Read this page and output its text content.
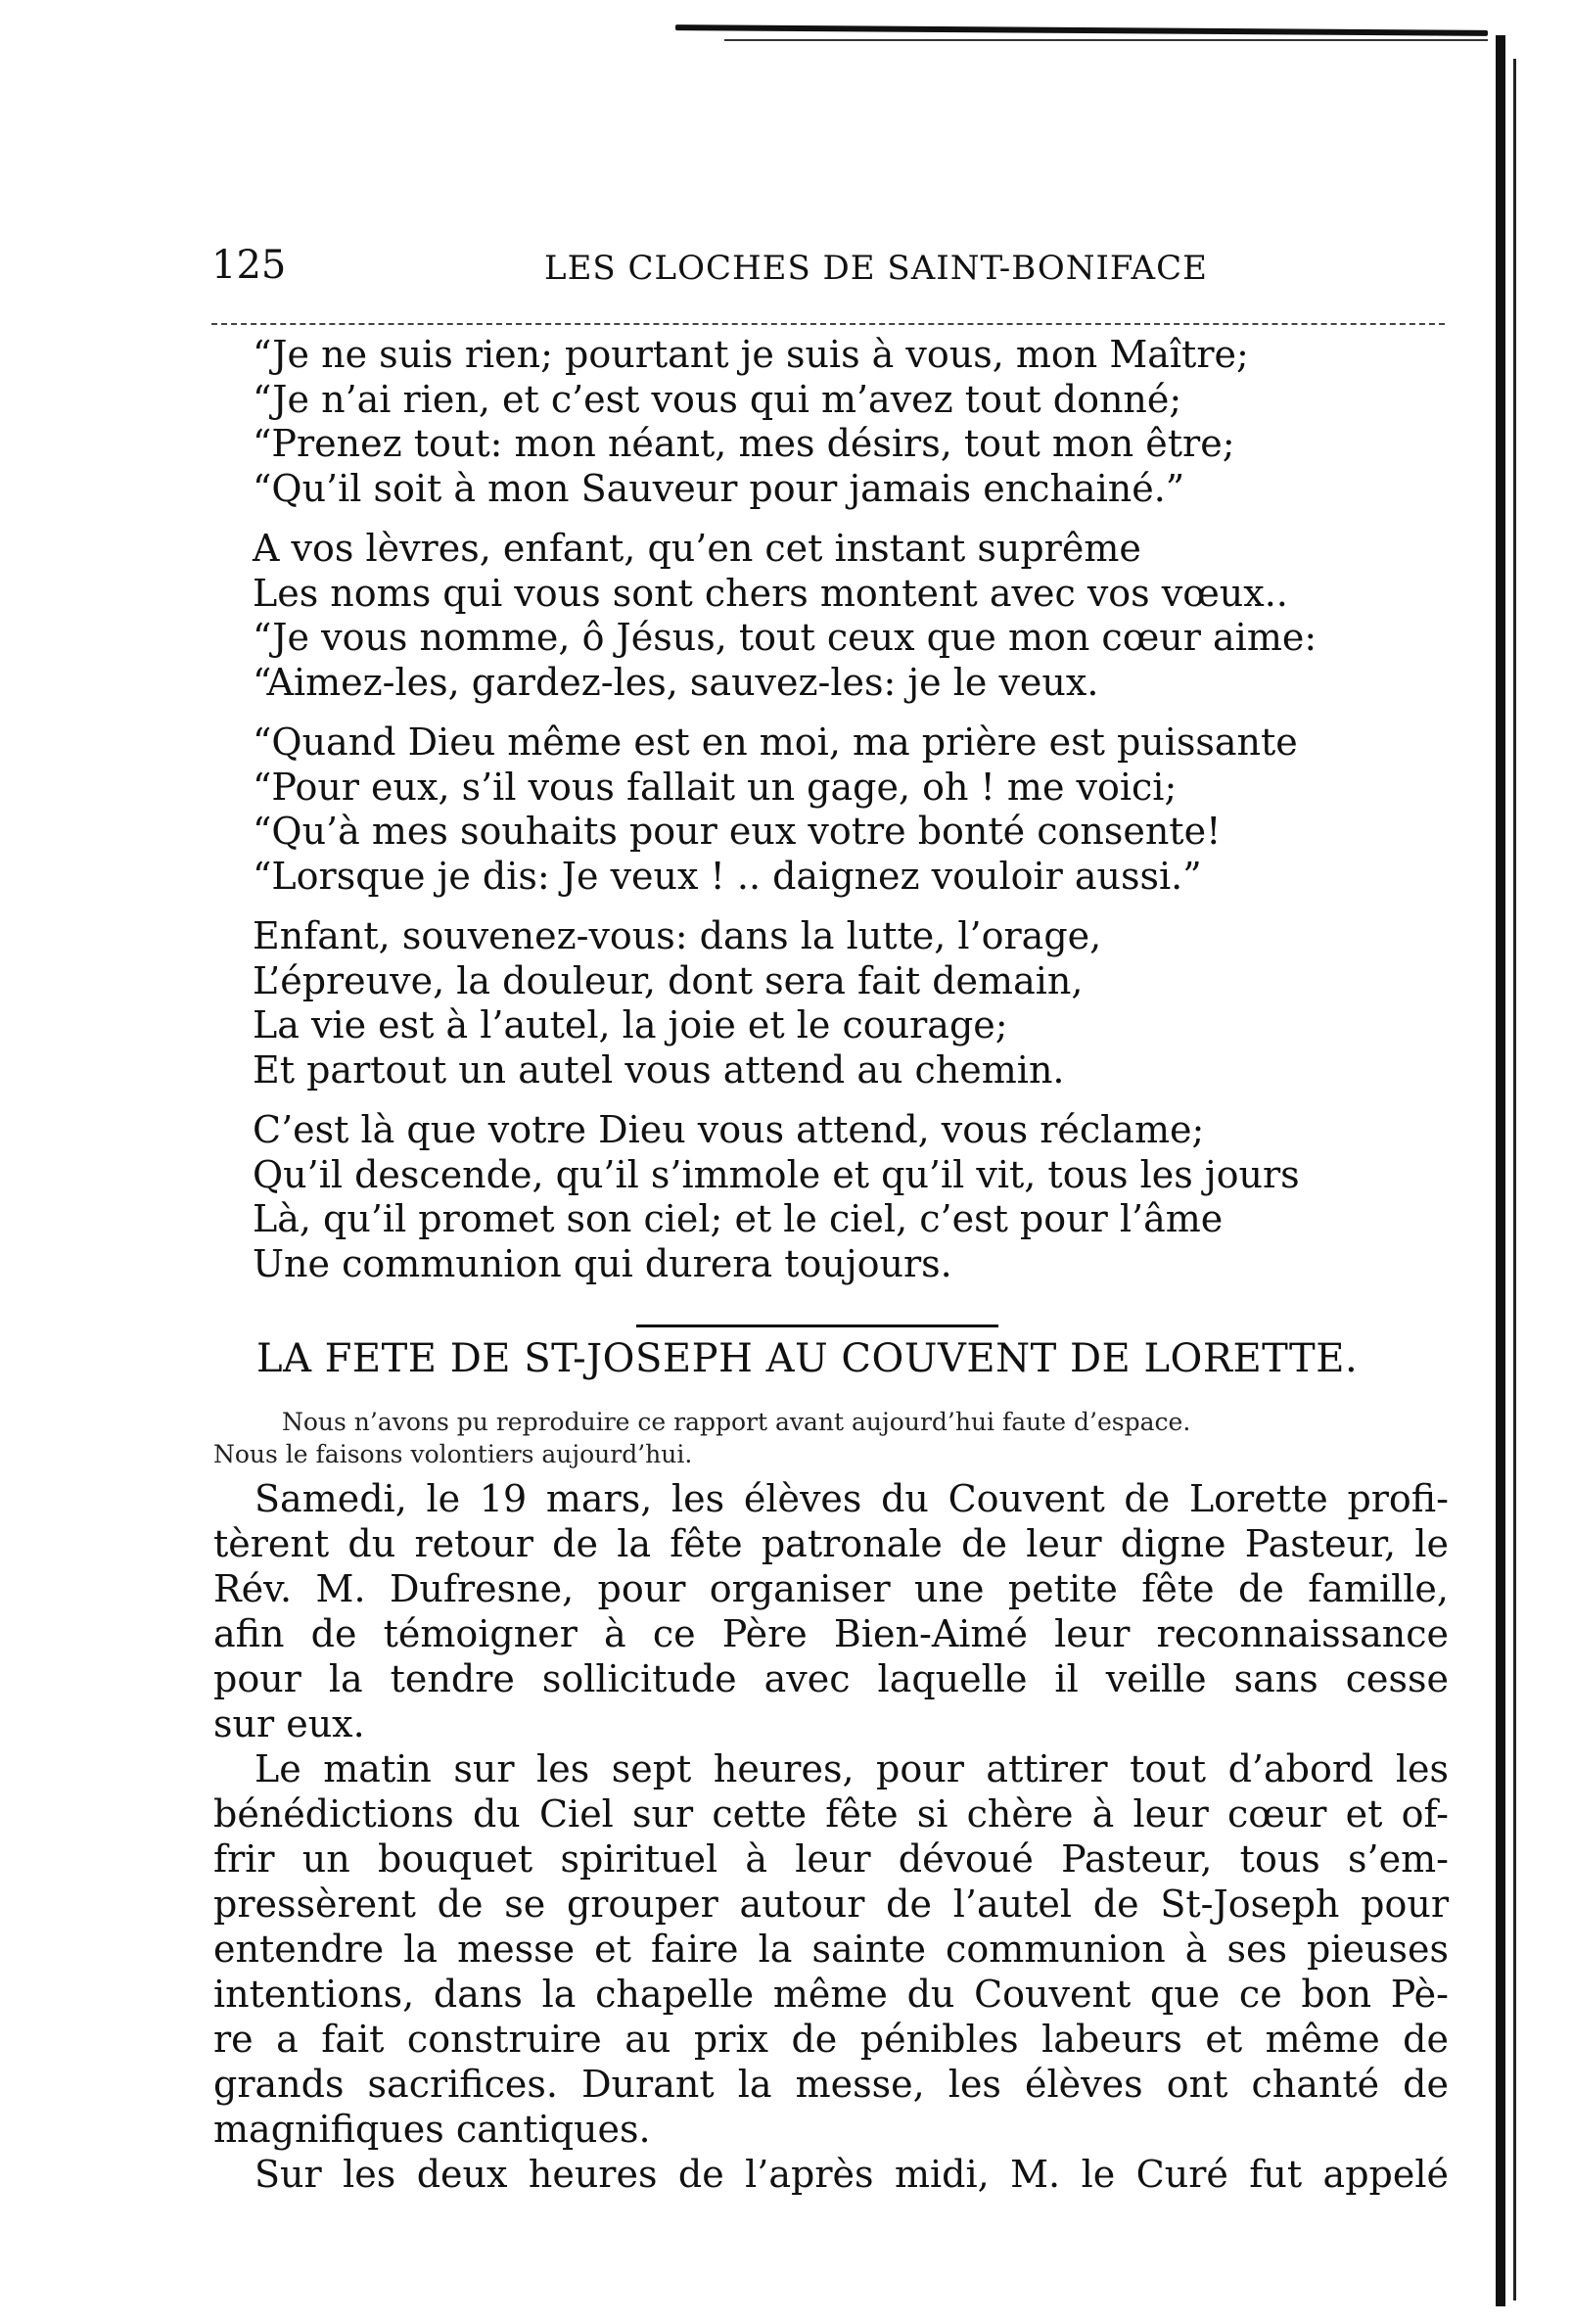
125	LES CLOCHES DE SAINT-BONIFACE
“Je ne suis rien; pourtant je suis à vous, mon Maître;
“Je n’ai rien, et c’est vous qui m’avez tout donné;
“Prenez tout: mon néant, mes désirs, tout mon être;
“Qu’il soit à mon Sauveur pour jamais enchainé.”
A vos lèvres, enfant, qu’en cet instant suprême
Les noms qui vous sont chers montent avec vos vœux..
“Je vous nomme, ô Jésus, tout ceux que mon cœur aime:
“Aimez-les, gardez-les, sauvez-les: je le veux.
“Quand Dieu même est en moi, ma prière est puissante
“Pour eux, s’il vous fallait un gage, oh ! me voici;
“Qu’à mes souhaits pour eux votre bonté consente!
“Lorsque je dis: Je veux ! .. daignez vouloir aussi.”
Enfant, souvenez-vous: dans la lutte, l’orage,
L’épreuve, la douleur, dont sera fait demain,
La vie est à l’autel, la joie et le courage;
Et partout un autel vous attend au chemin.
C’est là que votre Dieu vous attend, vous réclame;
Qu’il descende, qu’il s’immole et qu’il vit, tous les jours
Là, qu’il promet son ciel; et le ciel, c’est pour l’âme
Une communion qui durera toujours.
LA FETE DE ST-JOSEPH AU COUVENT DE LORETTE.
Nous n’avons pu reproduire ce rapport avant aujourd’hui faute d’espace.
Nous le faisons volontiers aujourd’hui.
Samedi, le 19 mars, les élèves du Couvent de Lorette profi-
tèrent du retour de la fête patronale de leur digne Pasteur, le
Rév. M. Dufresne, pour organiser une petite fête de famille,
afin de témoigner à ce Père Bien-Aimé leur reconnaissance
pour la tendre sollicitude avec laquelle il veille sans cesse
sur eux.
Le matin sur les sept heures, pour attirer tout d’abord les
bénédictions du Ciel sur cette fête si chère à leur cœur et of-
frir un bouquet spirituel à leur dévoué Pasteur, tous s’em-
pressèrent de se grouper autour de l’autel de St-Joseph pour
entendre la messe et faire la sainte communion à ses pieuses
intentions, dans la chapelle même du Couvent que ce bon Pè-
re a fait construire au prix de pénibles labeurs et même de
grands sacrifices. Durant la messe, les élèves ont chanté de
magnifiques cantiques.
Sur les deux heures de l’après midi, M. le Curé fut appelé
